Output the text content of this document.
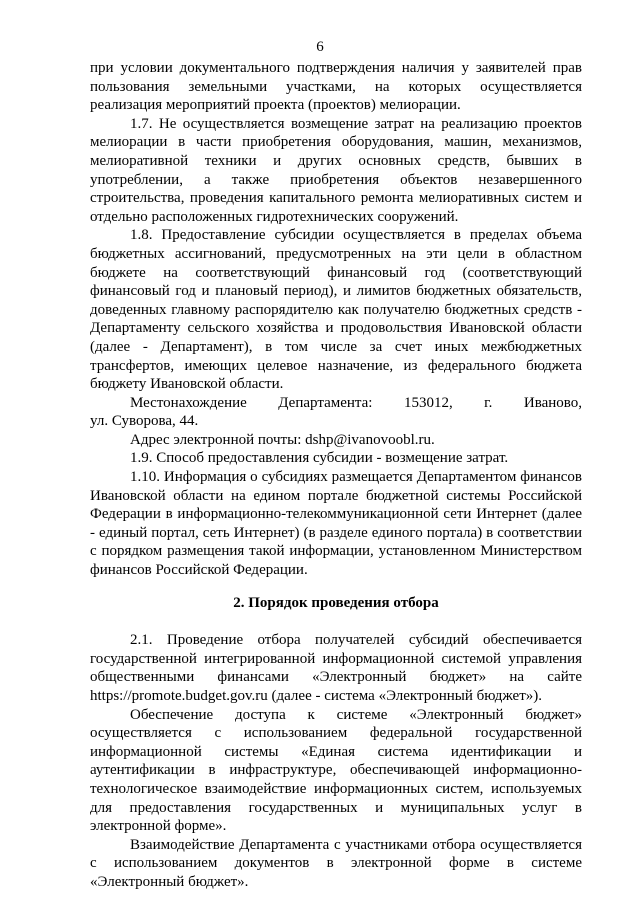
6

при условии документального подтверждения наличия у заявителей прав пользования земельными участками, на которых осуществляется реализация мероприятий проекта (проектов) мелиорации.

1.7. Не осуществляется возмещение затрат на реализацию проектов мелиорации в части приобретения оборудования, машин, механизмов, мелиоративной техники и других основных средств, бывших в употреблении, а также приобретения объектов незавершенного строительства, проведения капитального ремонта мелиоративных систем и отдельно расположенных гидротехнических сооружений.

1.8. Предоставление субсидии осуществляется в пределах объема бюджетных ассигнований, предусмотренных на эти цели в областном бюджете на соответствующий финансовый год (соответствующий финансовый год и плановый период), и лимитов бюджетных обязательств, доведенных главному распорядителю как получателю бюджетных средств - Департаменту сельского хозяйства и продовольствия Ивановской области (далее - Департамент), в том числе за счет иных межбюджетных трансфертов, имеющих целевое назначение, из федерального бюджета бюджету Ивановской области.

Местонахождение Департамента: 153012, г. Иваново,

ул. Суворова, 44.

Адрес электронной почты: dshp@ivanovoobl.ru.

1.9. Способ предоставления субсидии - возмещение затрат.

1.10. Информация о субсидиях размещается Департаментом финансов Ивановской области на едином портале бюджетной системы Российской Федерации в информационно-телекоммуникационной сети Интернет (далее - единый портал, сеть Интернет) (в разделе единого портала) в соответствии с порядком размещения такой информации, установленном Министерством финансов Российской Федерации.

2. Порядок проведения отбора

2.1. Проведение отбора получателей субсидий обеспечивается государственной интегрированной информационной системой управления общественными финансами «Электронный бюджет» на сайте https://promote.budget.gov.ru (далее - система «Электронный бюджет»).

Обеспечение доступа к системе «Электронный бюджет» осуществляется с использованием федеральной государственной информационной системы «Единая система идентификации и аутентификации в инфраструктуре, обеспечивающей информационно-технологическое взаимодействие информационных систем, используемых для предоставления государственных и муниципальных услуг в электронной форме».

Взаимодействие Департамента с участниками отбора осуществляется с использованием документов в электронной форме в системе «Электронный бюджет».
